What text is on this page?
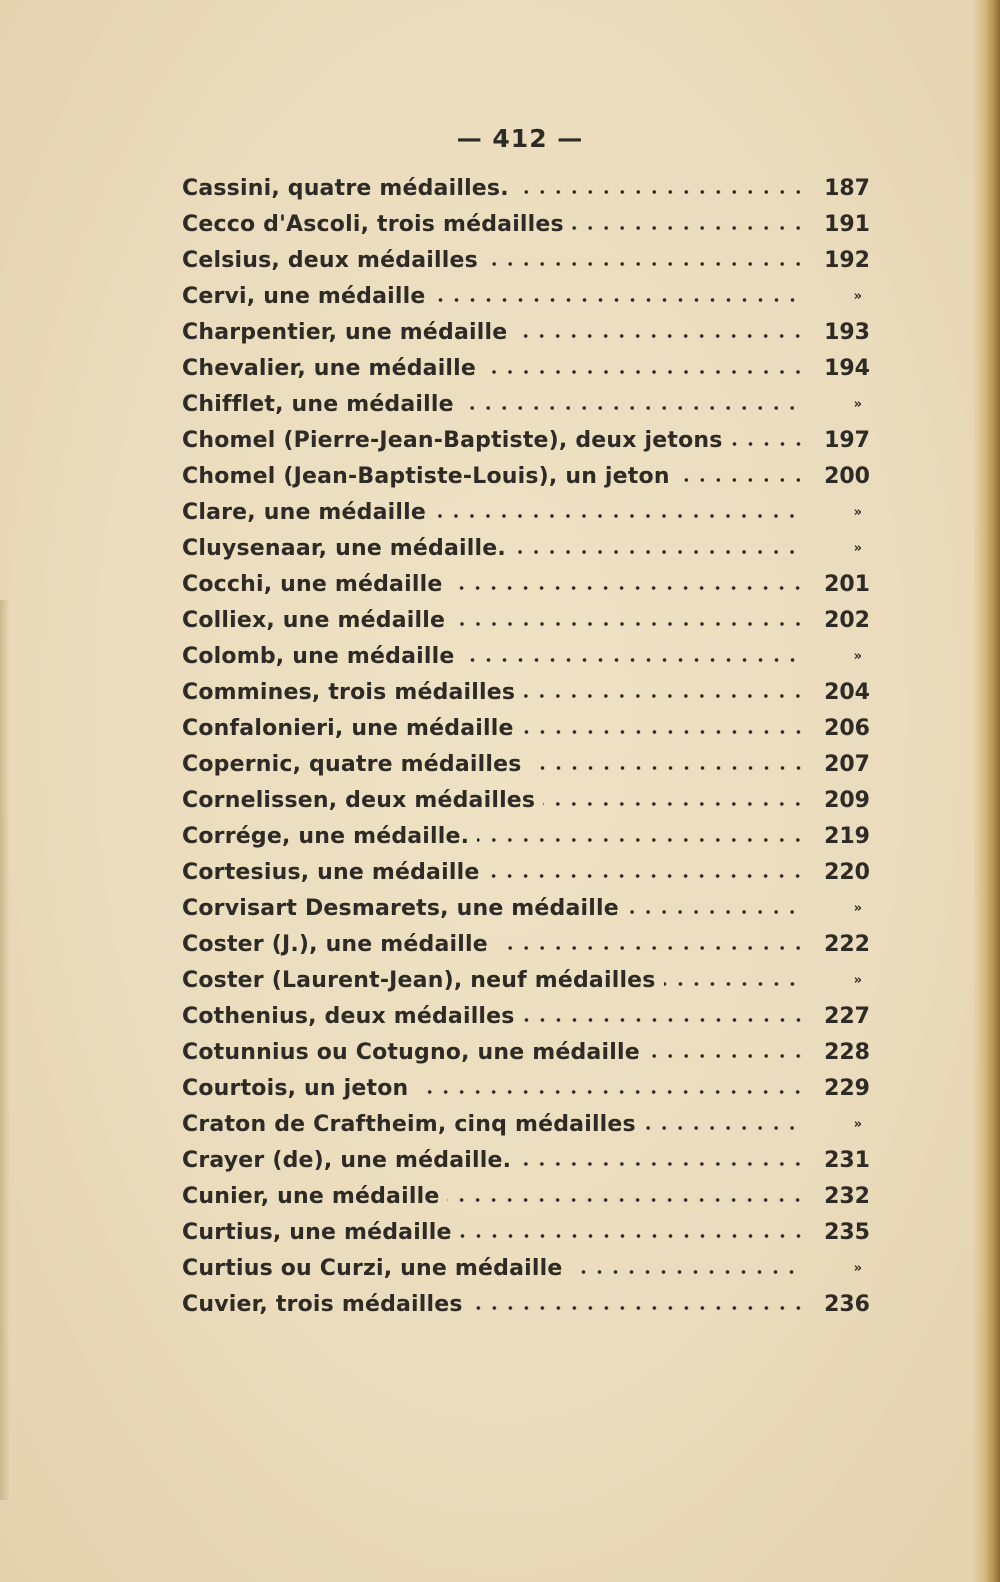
— 412 —
Cassini, quatre médailles.	187
Cecco d'Ascoli, trois médailles	191
Celsius, deux médailles	192
Cervi, une médaille	»
Charpentier, une médaille	193
Chevalier, une médaille	194
Chifflet, une médaille	»
Chomel (Pierre-Jean-Baptiste), deux jetons	197
Chomel (Jean-Baptiste-Louis), un jeton	200
Clare, une médaille	»
Cluysenaar, une médaille.	»
Cocchi, une médaille	201
Colliex, une médaille	202
Colomb, une médaille	»
Commines, trois médailles	204
Confalonieri, une médaille	206
Copernic, quatre médailles	207
Cornelissen, deux médailles	209
Corrége, une médaille.	219
Cortesius, une médaille	220
Corvisart Desmarets, une médaille	»
Coster (J.), une médaille	222
Coster (Laurent-Jean), neuf médailles	»
Cothenius, deux médailles	227
Cotunnius ou Cotugno, une médaille	228
Courtois, un jeton	229
Craton de Craftheim, cinq médailles	»
Crayer (de), une médaille.	231
Cunier, une médaille	232
Curtius, une médaille	235
Curtius ou Curzi, une médaille	»
Cuvier, trois médailles	236
